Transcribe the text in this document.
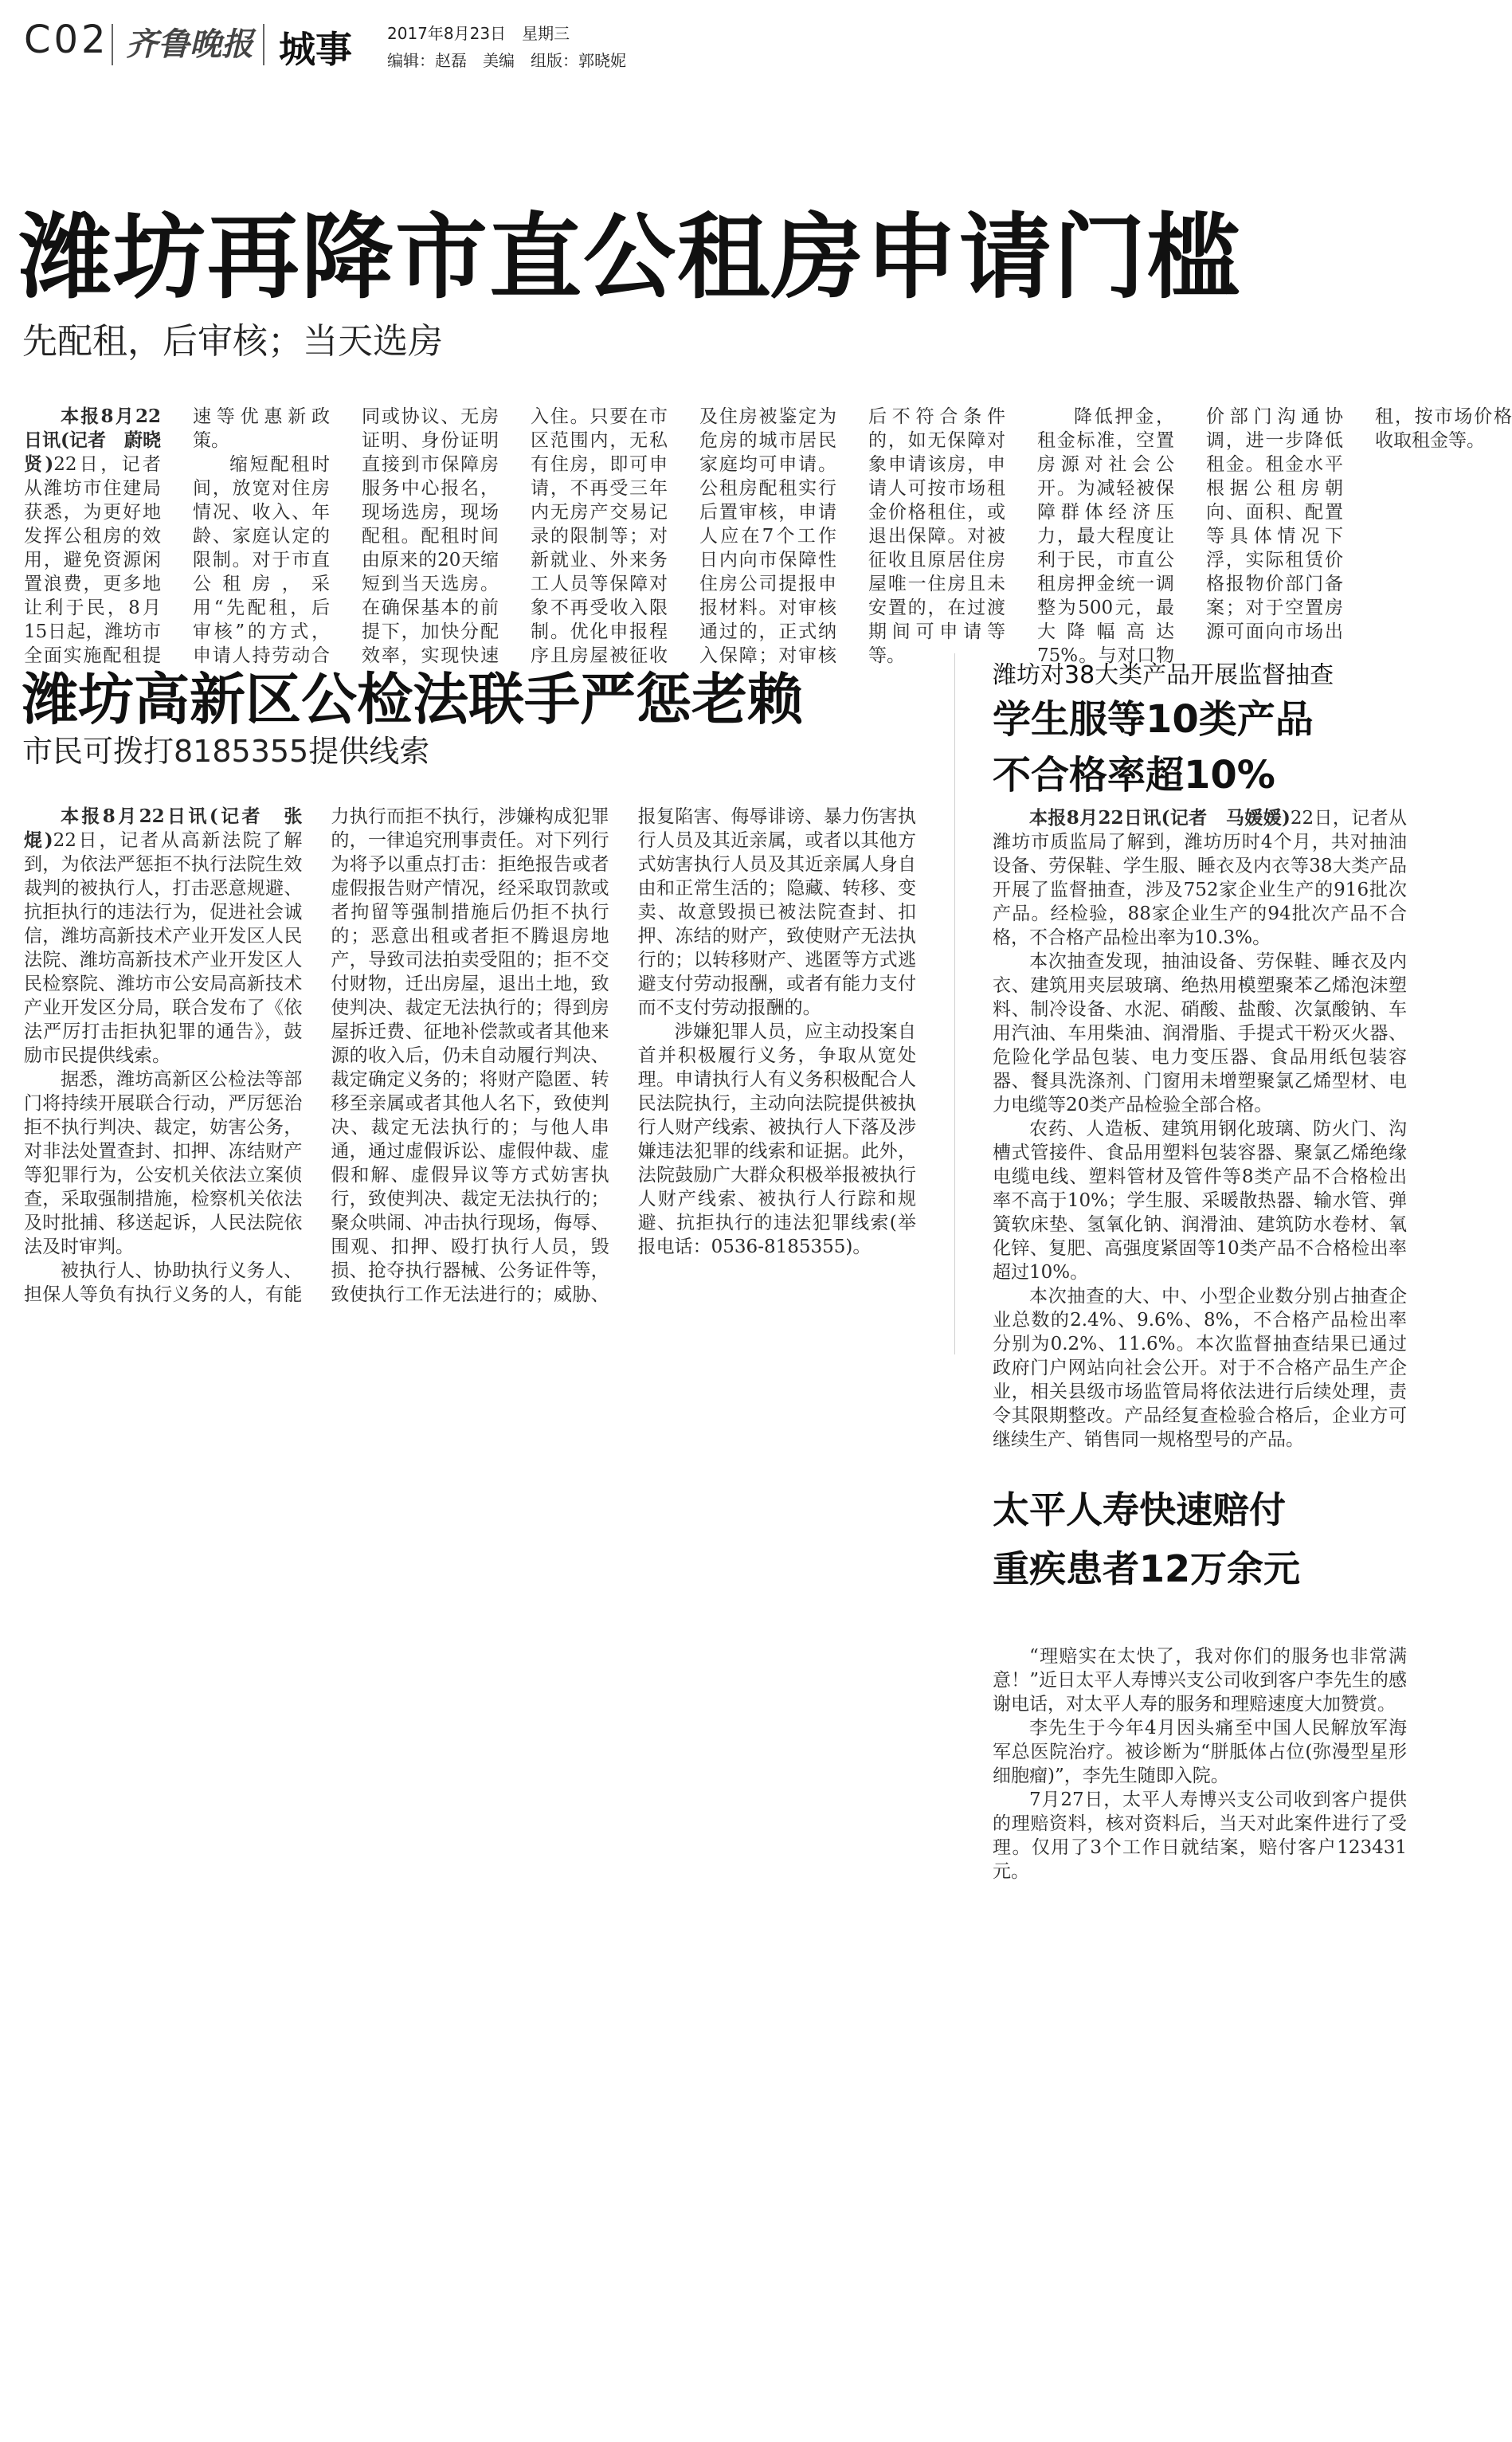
C02 齐鲁晚报 城事 2017年8月23日　星期三
编辑：赵磊　美编　组版：郭晓妮
潍坊再降市直公租房申请门槛
先配租，后审核；当天选房

本报8月22日讯(记者　蔚晓贤)22日，记者从潍坊市住建局获悉，为更好地发挥公租房的效用，避免资源闲置浪费，更多地让利于民，8月15日起，潍坊市全面实施配租提速等优惠新政策。

缩短配租时间，放宽对住房情况、收入、年龄、家庭认定的限制。对于市直公租房，采用“先配租，后审核”的方式，申请人持劳动合同或协议、无房证明、身份证明直接到市保障房服务中心报名，现场选房，现场配租。配租时间由原来的20天缩短到当天选房。在确保基本的前提下，加快分配效率，实现快速入住。只要在市区范围内，无私有住房，即可申请，不再受三年内无房产交易记录的限制等；对新就业、外来务工人员等保障对象不再受收入限制。优化申报程序且房屋被征收及住房被鉴定为危房的城市居民家庭均可申请。公租房配租实行后置审核，申请人应在7个工作日内向市保障性住房公司提报申报材料。对审核通过的，正式纳入保障；对审核后不符合条件的，如无保障对象申请该房，申请人可按市场租金价格租住，或退出保障。对被征收且原居住房屋唯一住房且未安置的，在过渡期间可申请等等。

降低押金，租金标准，空置房源对社会公开。为减轻被保障群体经济压力，最大程度让利于民，市直公租房押金统一调整为500元，最大降幅高达75%。与对口物价部门沟通协调，进一步降低租金。租金水平根据公租房朝向、面积、配置等具体情况下浮，实际租赁价格报物价部门备案；对于空置房源可面向市场出租，按市场价格收取租金等。

潍坊高新区公检法联手严惩老赖
市民可拨打8185355提供线索

本报8月22日讯(记者　张焜)22日，记者从高新法院了解到，为依法严惩拒不执行法院生效裁判的被执行人，打击恶意规避、抗拒执行的违法行为，促进社会诚信，潍坊高新技术产业开发区人民法院、潍坊高新技术产业开发区人民检察院、潍坊市公安局高新技术产业开发区分局，联合发布了《依法严厉打击拒执犯罪的通告》，鼓励市民提供线索。

据悉，潍坊高新区公检法等部门将持续开展联合行动，严厉惩治拒不执行判决、裁定，妨害公务，对非法处置查封、扣押、冻结财产等犯罪行为，公安机关依法立案侦查，采取强制措施，检察机关依法及时批捕、移送起诉，人民法院依法及时审判。

被执行人、协助执行义务人、担保人等负有执行义务的人，有能力执行而拒不执行，涉嫌构成犯罪的，一律追究刑事责任。对下列行为将予以重点打击：拒绝报告或者虚假报告财产情况，经采取罚款或者拘留等强制措施后仍拒不执行的；恶意出租或者拒不腾退房地产，导致司法拍卖受阻的；拒不交付财物，迁出房屋，退出土地，致使判决、裁定无法执行的；得到房屋拆迁费、征地补偿款或者其他来源的收入后，仍未自动履行判决、裁定确定义务的；将财产隐匿、转移至亲属或者其他人名下，致使判决、裁定无法执行的；与他人串通，通过虚假诉讼、虚假仲裁、虚假和解、虚假异议等方式妨害执行，致使判决、裁定无法执行的；聚众哄闹、冲击执行现场，侮辱、围观、扣押、殴打执行人员，毁损、抢夺执行器械、公务证件等，致使执行工作无法进行的；威胁、报复陷害、侮辱诽谤、暴力伤害执行人员及其近亲属，或者以其他方式妨害执行人员及其近亲属人身自由和正常生活的；隐藏、转移、变卖、故意毁损已被法院查封、扣押、冻结的财产，致使财产无法执行的；以转移财产、逃匿等方式逃避支付劳动报酬，或者有能力支付而不支付劳动报酬的。

涉嫌犯罪人员，应主动投案自首并积极履行义务，争取从宽处理。申请执行人有义务积极配合人民法院执行，主动向法院提供被执行人财产线索、被执行人下落及涉嫌违法犯罪的线索和证据。此外，法院鼓励广大群众积极举报被执行人财产线索、被执行人行踪和规避、抗拒执行的违法犯罪线索(举报电话：0536-8185355)。

潍坊对38大类产品开展监督抽查
学生服等10类产品
不合格率超10%

本报8月22日讯(记者　马媛媛)22日，记者从潍坊市质监局了解到，潍坊历时4个月，共对抽油设备、劳保鞋、学生服、睡衣及内衣等38大类产品开展了监督抽查，涉及752家企业生产的916批次产品。经检验，88家企业生产的94批次产品不合格，不合格产品检出率为10.3%。

本次抽查发现，抽油设备、劳保鞋、睡衣及内衣、建筑用夹层玻璃、绝热用模塑聚苯乙烯泡沫塑料、制冷设备、水泥、硝酸、盐酸、次氯酸钠、车用汽油、车用柴油、润滑脂、手提式干粉灭火器、危险化学品包装、电力变压器、食品用纸包装容器、餐具洗涤剂、门窗用未增塑聚氯乙烯型材、电力电缆等20类产品检验全部合格。

农药、人造板、建筑用钢化玻璃、防火门、沟槽式管接件、食品用塑料包装容器、聚氯乙烯绝缘电缆电线、塑料管材及管件等8类产品不合格检出率不高于10%；学生服、采暖散热器、输水管、弹簧软床垫、氢氧化钠、润滑油、建筑防水卷材、氧化锌、复肥、高强度紧固等10类产品不合格检出率超过10%。

本次抽查的大、中、小型企业数分别占抽查企业总数的2.4%、9.6%、8%，不合格产品检出率分别为0.2%、11.6%。本次监督抽查结果已通过政府门户网站向社会公开。对于不合格产品生产企业，相关县级市场监管局将依法进行后续处理，责令其限期整改。产品经复查检验合格后，企业方可继续生产、销售同一规格型号的产品。

太平人寿快速赔付
重疾患者12万余元

“理赔实在太快了，我对你们的服务也非常满意！”近日太平人寿博兴支公司收到客户李先生的感谢电话，对太平人寿的服务和理赔速度大加赞赏。

李先生于今年4月因头痛至中国人民解放军海军总医院治疗。被诊断为“胼胝体占位(弥漫型星形细胞瘤)”，李先生随即入院。

7月27日，太平人寿博兴支公司收到客户提供的理赔资料，核对资料后，当天对此案件进行了受理。仅用了3个工作日就结案，赔付客户123431元。
